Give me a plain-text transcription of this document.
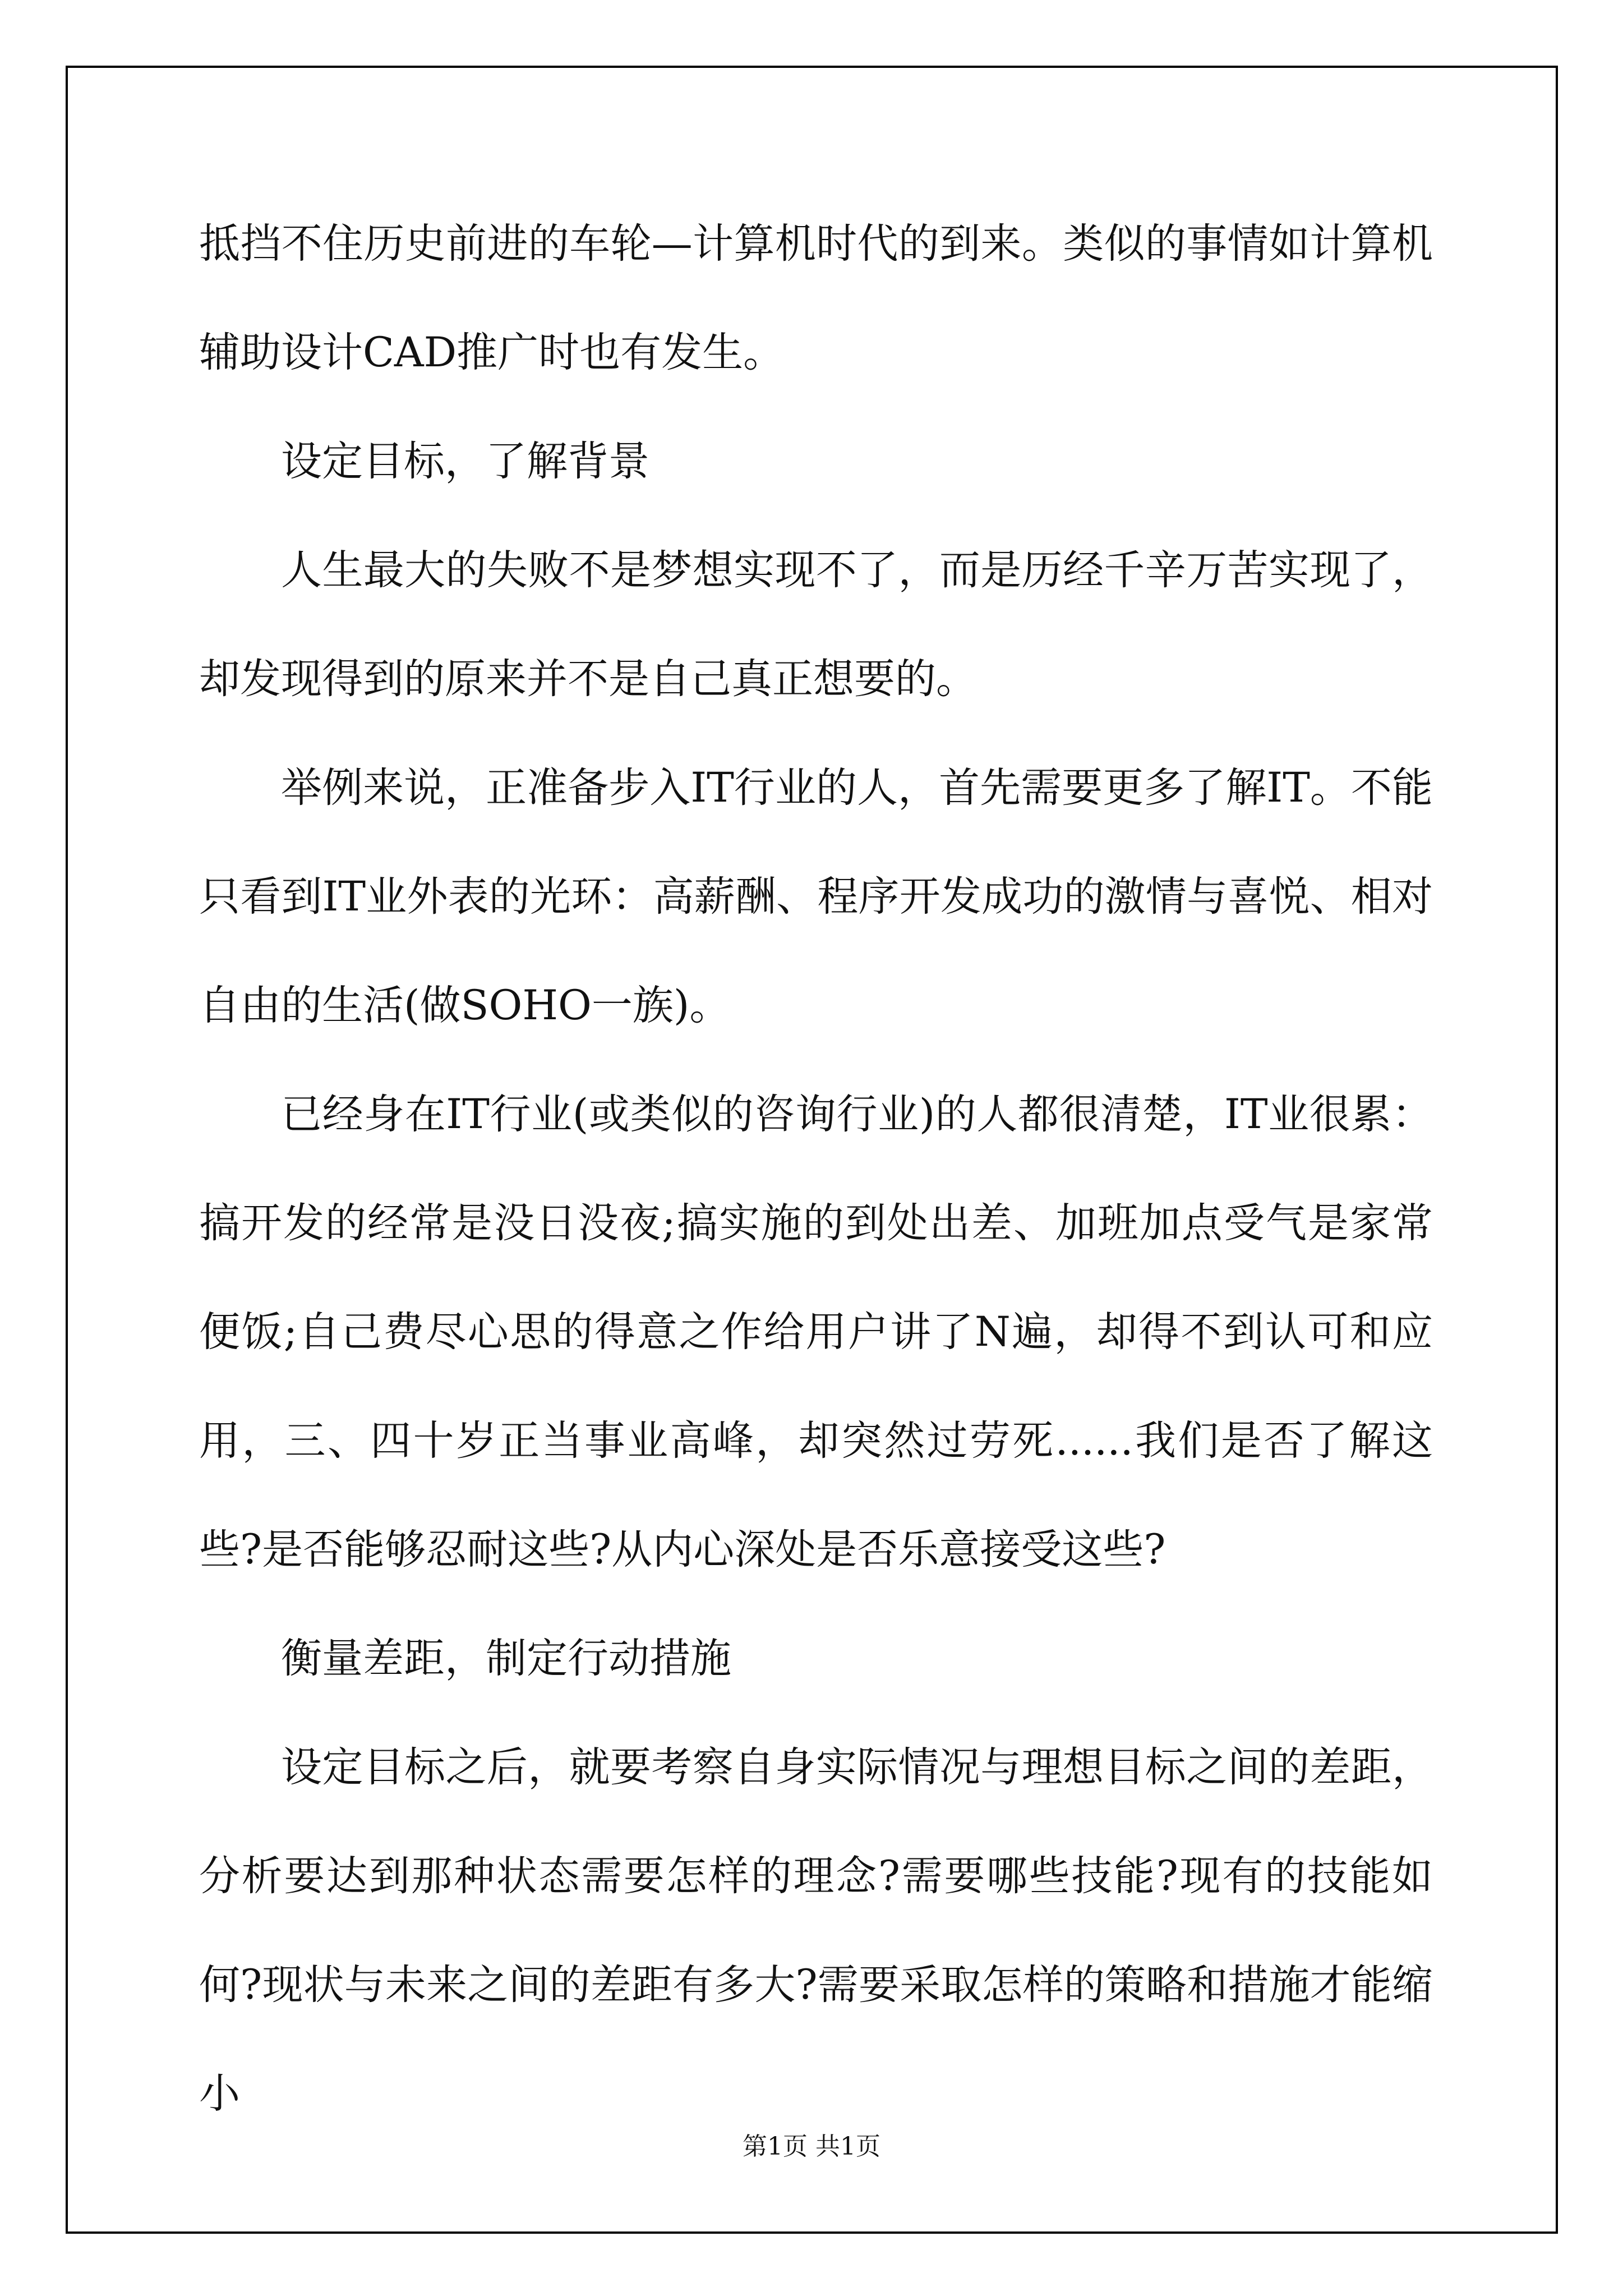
抵挡不住历史前进的车轮—计算机时代的到来。类似的事情如计算机辅助设计CAD推广时也有发生。

设定目标，了解背景

人生最大的失败不是梦想实现不了，而是历经千辛万苦实现了，却发现得到的原来并不是自己真正想要的。

举例来说，正准备步入IT行业的人，首先需要更多了解IT。不能只看到IT业外表的光环：高薪酬、程序开发成功的激情与喜悦、相对自由的生活(做SOHO一族)。

已经身在IT行业(或类似的咨询行业)的人都很清楚，IT业很累：搞开发的经常是没日没夜;搞实施的到处出差、加班加点受气是家常便饭;自己费尽心思的得意之作给用户讲了N遍，却得不到认可和应用，三、四十岁正当事业高峰，却突然过劳死......我们是否了解这些?是否能够忍耐这些?从内心深处是否乐意接受这些?

衡量差距，制定行动措施

设定目标之后，就要考察自身实际情况与理想目标之间的差距，分析要达到那种状态需要怎样的理念?需要哪些技能?现有的技能如何?现状与未来之间的差距有多大?需要采取怎样的策略和措施才能缩小

第1页 共1页
